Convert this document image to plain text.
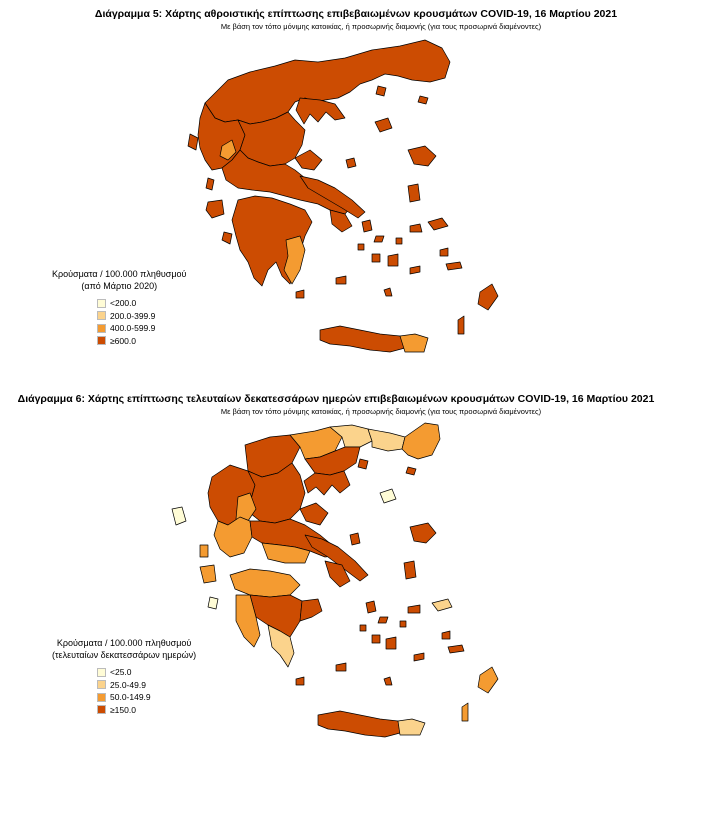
Διάγραμμα 5: Χάρτης αθροιστικής επίπτωσης επιβεβαιωμένων κρουσμάτων COVID-19, 16 Μαρτίου 2021
Με βάση τον τόπο μόνιμης κατοικίας, ή προσωρινής διαμονής (για τους προσωρινά διαμένοντες)
Κρούσματα / 100.000 πληθυσμού
(από Μάρτιο 2020)
<200.0
200.0-399.9
400.0-599.9
≥600.0
Διάγραμμα 6: Χάρτης επίπτωσης τελευταίων δεκατεσσάρων ημερών επιβεβαιωμένων κρουσμάτων COVID-19, 16 Μαρτίου 2021
Με βάση τον τόπο μόνιμης κατοικίας, ή προσωρινής διαμονής (για τους προσωρινά διαμένοντες)
Κρούσματα / 100.000 πληθυσμού
(τελευταίων δεκατεσσάρων ημερών)
<25.0
25.0-49.9
50.0-149.9
≥150.0
